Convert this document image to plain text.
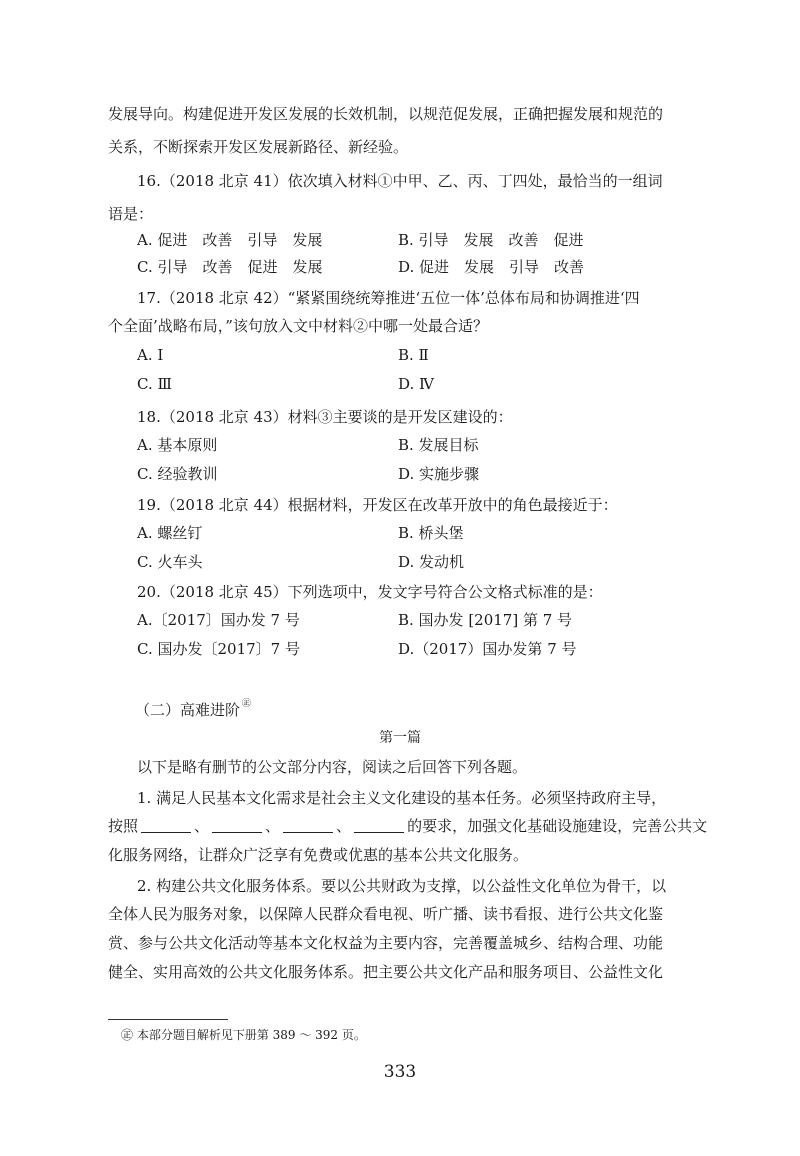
发展导向。构建促进开发区发展的长效机制，以规范促发展，正确把握发展和规范的
关系，不断探索开发区发展新路径、新经验。
16.（2018 北京 41）依次填入材料①中甲、乙、丙、丁四处，最恰当的一组词
语是：
A. 促进　改善　引导　发展	B. 引导　发展　改善　促进
C. 引导　改善　促进　发展	D. 促进　发展　引导　改善
17.（2018 北京 42）“紧紧围绕统筹推进‘五位一体’总体布局和协调推进‘四
个全面’战略布局，”该句放入文中材料②中哪一处最合适？
A. Ⅰ	B. Ⅱ
C. Ⅲ	D. Ⅳ
18.（2018 北京 43）材料③主要谈的是开发区建设的：
A. 基本原则	B. 发展目标
C. 经验教训	D. 实施步骤
19.（2018 北京 44）根据材料，开发区在改革开放中的角色最接近于：
A. 螺丝钉	B. 桥头堡
C. 火车头	D. 发动机
20.（2018 北京 45）下列选项中，发文字号符合公文格式标准的是：
A.〔2017〕国办发 7 号	B. 国办发 [2017] 第 7 号
C. 国办发〔2017〕7 号	D.（2017）国办发第 7 号
（二）高难进阶 ㊣
第一篇
以下是略有删节的公文部分内容，阅读之后回答下列各题。
1. 满足人民基本文化需求是社会主义文化建设的基本任务。必须坚持政府主导，
按照	、	、	、	的要求，加强文化基础设施建设，完善公共文
化服务网络，让群众广泛享有免费或优惠的基本公共文化服务。
2. 构建公共文化服务体系。要以公共财政为支撑，以公益性文化单位为骨干，以
全体人民为服务对象，以保障人民群众看电视、听广播、读书看报、进行公共文化鉴
赏、参与公共文化活动等基本文化权益为主要内容，完善覆盖城乡、结构合理、功能
健全、实用高效的公共文化服务体系。把主要公共文化产品和服务项目、公益性文化
㊣ 本部分题目解析见下册第 389 ～ 392 页。
333
